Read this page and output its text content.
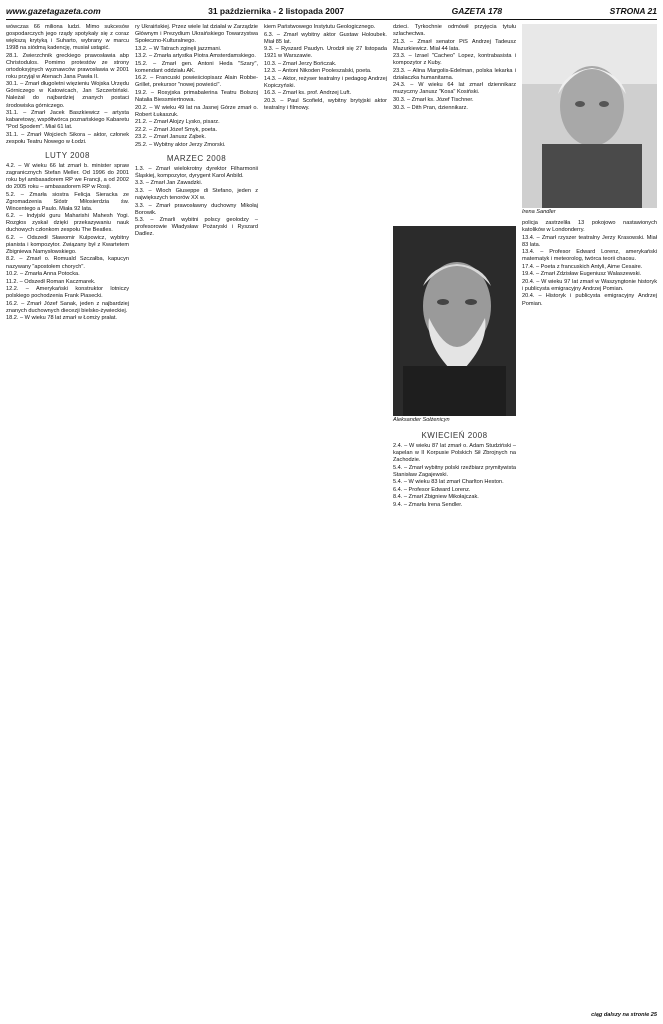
www.gazetagazeta.com	31 października - 2 listopada 2007	GAZETA 178	STRONA 21

wówczas 66 miliona ludzi. Mimo sukcesów gospodarczych jego rządy spotykały się z coraz większą krytyką i Suharto, wybrany w marcu 1998 na siódmą kadencję, musiał ustąpić.

28.1. Zwierzchnik greckiego prawosławia abp Christodulos. Pomimo protestów ze strony ortodoksyjnych wyznawców prawosławia w 2001 roku przyjął w Atenach Jana Pawła II.

30.1. – Zmarł długoletni więzieniu Wojska Urzędu Górniczego w Katowicach, Jan Szczerbiński. Należał do najbardziej znanych postaci środowiska górniczego.

31.1. – Zmarł Jacek Baszkiewicz – artysta kabaretowy, współtwórca poznańskiego Kabaretu "Pod Spodem". Miał 61 lat.

31.1. – Zmarł Wojciech Sikora – aktor, członek zespołu Teatru Nowego w Łodzi.

LUTY 2008

4.2. – W wieku 66 lat zmarł b. minister spraw zagranicznych Stefan Meller. Od 1996 do 2001 roku był ambasadorem RP we Francji, a od 2002 do 2005 roku – ambasadorem RP w Rosji.

5.2. – Zmarła siostra Felicja Sieracka ze Zgromadzenia Sióstr Miłosierdzia św. Wincentego a Paulo. Miała 92 lata.

6.2. – Indyjski guru Maharishi Mahesh Yogi. Rozgłos zyskał dzięki przekazywaniu nauk duchowych członkom zespołu The Beatles.

6.2. – Odszedł Sławomir Kulpowicz, wybitny pianista i kompozytor. Związany był z Kwartetem Zbigniewa Namysłowskiego.

8.2. – Zmarł o. Romuald Szczałba, kapucyn nazywany "apostołem chorych".

10.2. – Zmarła Anna Potocka.

11.2. – Odszedł Roman Kaczmarek.

12.2. – Amerykański konstruktor lotniczy polskiego pochodzenia Frank Piasecki.

16.2. – Zmarł Józef Sanak, jeden z najbardziej znanych duchownych diecezji bielsko-żywieckiej.

18.2. – W wieku 78 lat zmarł w Łomży prałat.

ry Ukraińskiej. Przez wiele lat działał w Zarządzie Głównym i Prezydium Ukraińskiego Towarzystwa Społeczno-Kulturalnego.

13.2. – W Tatrach zginęli jazzmani.

13.2. – Zmarła artystka Piotra Amsterdamskiego.

15.2. – Zmarł gen. Antoni Heda "Szary", komendant oddziału AK.

16.2. – Francuski powieściopisarz Alain Robbe-Grillet, prekursor "nowej powieści".

19.2. – Rosyjska primabalerina Teatru Bolszoj Natalia Biessmiertnowa.

20.2. – W wieku 49 lat na Jasnej Górze zmarł o. Robert Łukaszuk.

21.2. – Zmarł Alojzy Lysko, pisarz.

22.2. – Zmarł Józef Smyk, poeta.

23.2. – Zmarł Janusz Ząbek.

25.2. – Wybitny aktor Jerzy Zmorski.

MARZEC 2008

1.3. – Zmarł wielokrotny dyrektor Filharmonii Śląskiej, kompozytor, dyrygent Karol Anbild.

3.3. – Zmarł Jan Zawadzki.

3.3. – Wloch Giuseppe di Stefano, jeden z największych tenorów XX w.

3.3. – Zmarł prawosławny duchowny Mikołaj Borowik.

5.3. – Zmarli wybitni polscy geolodzy – profesorowie Władysław Pożaryski i Ryszard Dadlez.

kiem Państwowego Instytutu Geologicznego.

6.3. – Zmarł wybitny aktor Gustaw Holoubek. Miał 85 lat.

9.3. – Ryszard Paudyn. Urodził się 27 listopada 1921 w Warszawie.

10.3. – Zmarł Jerzy Bończak.

12.3. – Antoni Nikoden Pooleszalski, poeta.

14.3. – Aktor, reżyser teatralny i pedagog Andrzej Kopiczyński.

16.3. – Zmarł ks. prof. Andrzej Luft.

20.3. – Paul Scofield, wybitny brytyjski aktor teatralny i filmowy.

dzieci. Tyrkochnie odmówił przyjęcia tytułu szlachectwa.

21.3. – Zmarł senator PiS Andrzej Tadeusz Mazurkiewicz. Miał 44 lata.

23.3. – Izrael "Cacheo" Lopez, kontrabasista i kompozytor z Kuby.

23.3. – Alina Margolis-Edelman, polska lekarka i działaczka humanitarna.

24.3. – W wieku 64 lat zmarł dziennikarz muzyczny Janusz "Kosa" Kosiński.

30.3. – Zmarł ks. Józef Tischner.

30.3. – Dith Pran, dziennikarz.

Aleksander Sołżenicyn
KWIECIEŃ 2008

2.4. – W wieku 87 lat zmarł o. Adam Studziński – kapelan w II Korpusie Polskich Sił Zbrojnych na Zachodzie.

5.4. – Zmarł wybitny polski rzeźbiarz prymitywista Stanisław Zagajewski.

5.4. – W wieku 83 lat zmarł Charlton Heston.

6.4. – Profesor Edward Lorenz.

8.4. – Zmarł Zbigniew Mikołajczak.

9.4. – Zmarła Irena Sendler.

Irena Sandler

policja zastrzeliła 13 pokojowo nastawionych katolików w Londonderry.

13.4. – Zmarł rzyszer teatralny Jerzy Krasowski. Miał 83 lata.

13.4. – Profesor Edward Lorenz, amerykański matematyk i meteorolog, twórca teorii chaosu.

17.4. – Poeta z francuskich Antyli, Aime Cesaire.

19.4. – Zmarł Zdzisław Eugeniusz Walaszewski.

20.4. – W wieku 97 lat zmarł w Waszyngtonie historyk i publicysta emigracyjny Andrzej Pomian.

20.4. – Historyk i publicysta emigracyjny Andrzej Pomian.

ciąg dalszy na stronie 25
